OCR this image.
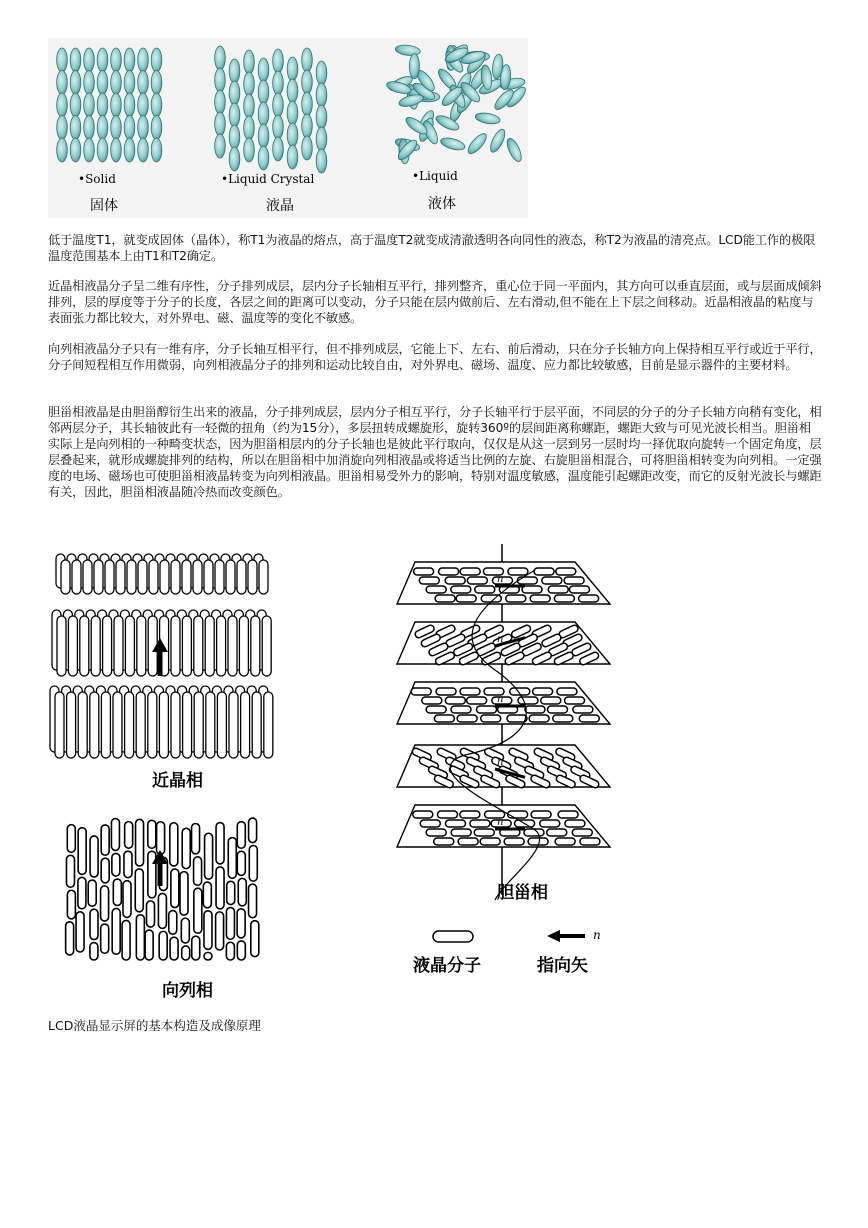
•Solid
固体
•Liquid Crystal
液晶
•Liquid
液体

低于温度T1，就变成固体（晶体），称T1为液晶的熔点，高于温度T2就变成清澈透明各向同性的液态，称T2为液晶的清亮点。LCD能工作的极限温度范围基本上由T1和T2确定。

近晶相液晶分子呈二维有序性，分子排列成层，层内分子长轴相互平行，排列整齐，重心位于同一平面内，其方向可以垂直层面，或与层面成倾斜排列，层的厚度等于分子的长度，各层之间的距离可以变动，分子只能在层内做前后、左右滑动,但不能在上下层之间移动。近晶相液晶的粘度与表面张力都比较大，对外界电、磁、温度等的变化不敏感。

向列相液晶分子只有一维有序，分子长轴互相平行，但不排列成层，它能上下、左右、前后滑动，只在分子长轴方向上保持相互平行或近于平行，分子间短程相互作用微弱，向列相液晶分子的排列和运动比较自由，对外界电、磁场、温度、应力都比较敏感，目前是显示器件的主要材料。

胆甾相液晶是由胆甾醇衍生出来的液晶，分子排列成层，层内分子相互平行，分子长轴平行于层平面，不同层的分子的分子长轴方向稍有变化，相邻两层分子，其长轴彼此有一轻微的扭角（约为15分），多层扭转成螺旋形，旋转360º的层间距离称螺距，螺距大致与可见光波长相当。胆甾相实际上是向列相的一种畸变状态，因为胆甾相层内的分子长轴也是彼此平行取向，仅仅是从这一层到另一层时均一择优取向旋转一个固定角度，层层叠起来，就形成螺旋排列的结构，所以在胆甾相中加消旋向列相液晶或将适当比例的左旋、右旋胆甾相混合，可将胆甾相转变为向列相。一定强度的电场、磁场也可使胆甾相液晶转变为向列相液晶。胆甾相易受外力的影响，特别对温度敏感，温度能引起螺距改变，而它的反射光波长与螺距有关，因此，胆甾相液晶随冷热而改变颜色。

近晶相
向列相
n
n
n
n
n
胆甾相
n
液晶分子	指向矢
LCD液晶显示屏的基本构造及成像原理
